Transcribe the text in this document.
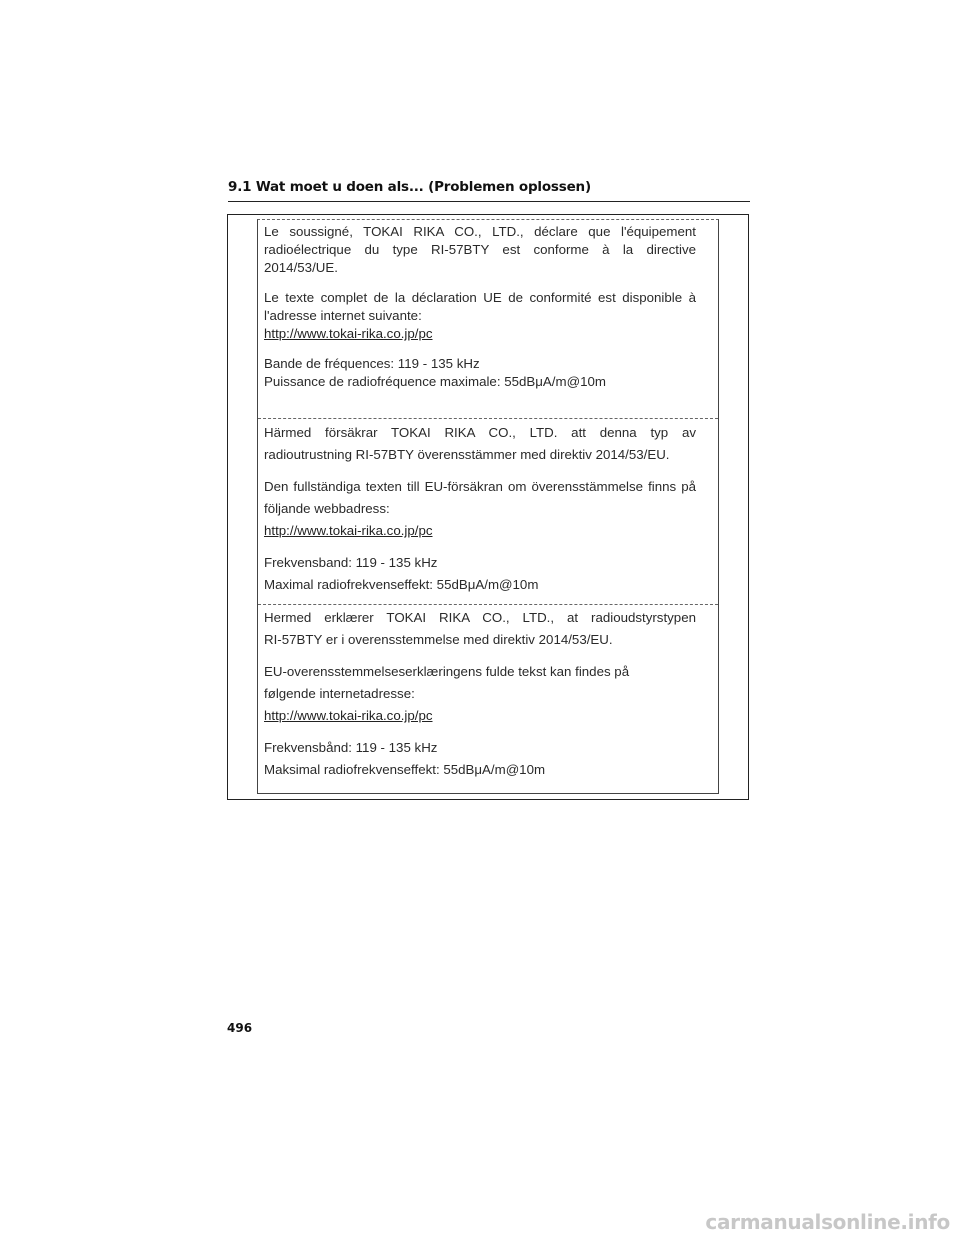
9.1 Wat moet u doen als... (Problemen oplossen)

Le soussigné, TOKAI RIKA CO., LTD., déclare que l'équipement radioélectrique du type RI-57BTY est conforme à la directive 2014/53/UE.

Le texte complet de la déclaration UE de conformité est disponible à l'adresse internet suivante:

http://www.tokai-rika.co.jp/pc

Bande de fréquences: 119 - 135 kHz

Puissance de radiofréquence maximale: 55dBμA/m@10m

Härmed försäkrar TOKAI RIKA CO., LTD. att denna typ av radioutrustning RI-57BTY överensstämmer med direktiv 2014/53/EU.

Den fullständiga texten till EU-försäkran om överensstämmelse finns på följande webbadress:

http://www.tokai-rika.co.jp/pc

Frekvensband: 119 - 135 kHz

Maximal radiofrekvenseffekt: 55dBμA/m@10m

Hermed erklærer TOKAI RIKA CO., LTD., at radioudstyrstypen

RI-57BTY er i overensstemmelse med direktiv 2014/53/EU.

EU-overensstemmelseserklæringens fulde tekst kan findes på

følgende internetadresse:

http://www.tokai-rika.co.jp/pc

Frekvensbånd: 119 - 135 kHz

Maksimal radiofrekvenseffekt: 55dBμA/m@10m

496
carmanualsonline.info
